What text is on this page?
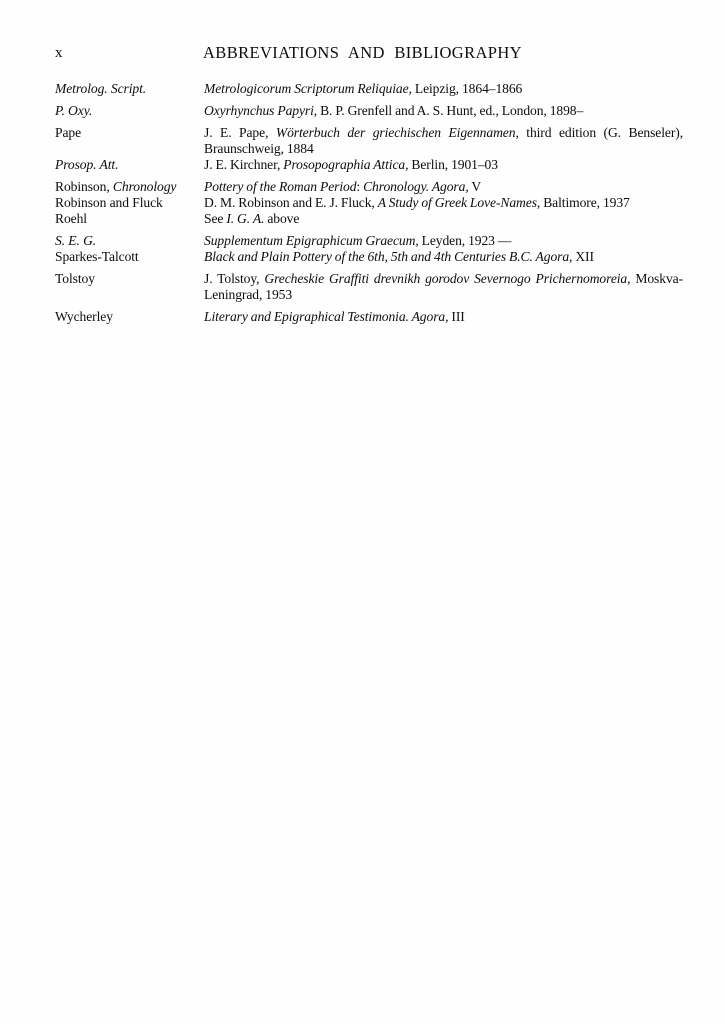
x	ABBREVIATIONS AND BIBLIOGRAPHY
Metrolog. Script.	Metrologicorum Scriptorum Reliquiae, Leipzig, 1864–1866
P. Oxy.	Oxyrhynchus Papyri, B. P. Grenfell and A. S. Hunt, ed., London, 1898–
Pape	J. E. Pape, Wörterbuch der griechischen Eigennamen, third edition (G. Benseler), Braunschweig, 1884
Prosop. Att.	J. E. Kirchner, Prosopographia Attica, Berlin, 1901–03
Robinson, Chronology	Pottery of the Roman Period: Chronology. Agora, V
Robinson and Fluck	D. M. Robinson and E. J. Fluck, A Study of Greek Love-Names, Baltimore, 1937
Roehl	See I. G. A. above
S. E. G.	Supplementum Epigraphicum Graecum, Leyden, 1923 —
Sparkes-Talcott	Black and Plain Pottery of the 6th, 5th and 4th Centuries B.C. Agora, XII
Tolstoy	J. Tolstoy, Grecheskie Graffiti drevnikh gorodov Severnogo Prichernomoreia, Moskva-Leningrad, 1953
Wycherley	Literary and Epigraphical Testimonia. Agora, III
